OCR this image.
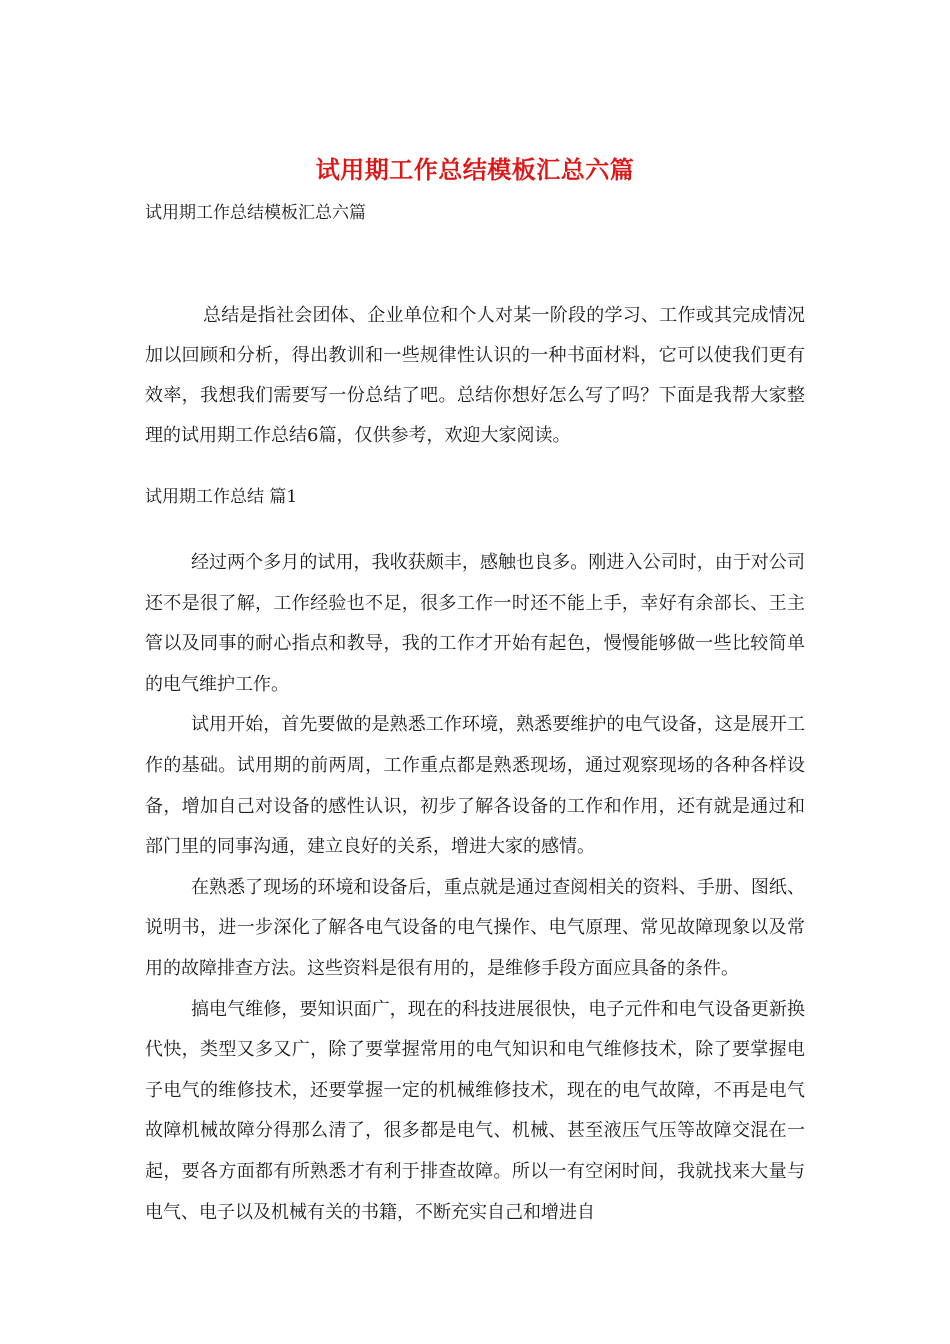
试用期工作总结模板汇总六篇

试用期工作总结模板汇总六篇

总结是指社会团体、企业单位和个人对某一阶段的学习、工作或其完成情况加以回顾和分析，得出教训和一些规律性认识的一种书面材料，它可以使我们更有效率，我想我们需要写一份总结了吧。总结你想好怎么写了吗？下面是我帮大家整理的试用期工作总结6篇，仅供参考，欢迎大家阅读。

试用期工作总结 篇1

经过两个多月的试用，我收获颇丰，感触也良多。刚进入公司时，由于对公司还不是很了解，工作经验也不足，很多工作一时还不能上手，幸好有余部长、王主管以及同事的耐心指点和教导，我的工作才开始有起色，慢慢能够做一些比较简单的电气维护工作。

试用开始，首先要做的是熟悉工作环境，熟悉要维护的电气设备，这是展开工作的基础。试用期的前两周，工作重点都是熟悉现场，通过观察现场的各种各样设备，增加自己对设备的感性认识，初步了解各设备的工作和作用，还有就是通过和部门里的同事沟通，建立良好的关系，增进大家的感情。

在熟悉了现场的环境和设备后，重点就是通过查阅相关的资料、手册、图纸、说明书，进一步深化了解各电气设备的电气操作、电气原理、常见故障现象以及常用的故障排查方法。这些资料是很有用的，是维修手段方面应具备的条件。

搞电气维修，要知识面广，现在的科技进展很快，电子元件和电气设备更新换代快，类型又多又广，除了要掌握常用的电气知识和电气维修技术，除了要掌握电子电气的维修技术，还要掌握一定的机械维修技术，现在的电气故障，不再是电气故障机械故障分得那么清了，很多都是电气、机械、甚至液压气压等故障交混在一起，要各方面都有所熟悉才有利于排查故障。所以一有空闲时间，我就找来大量与电气、电子以及机械有关的书籍，不断充实自己和增进自
